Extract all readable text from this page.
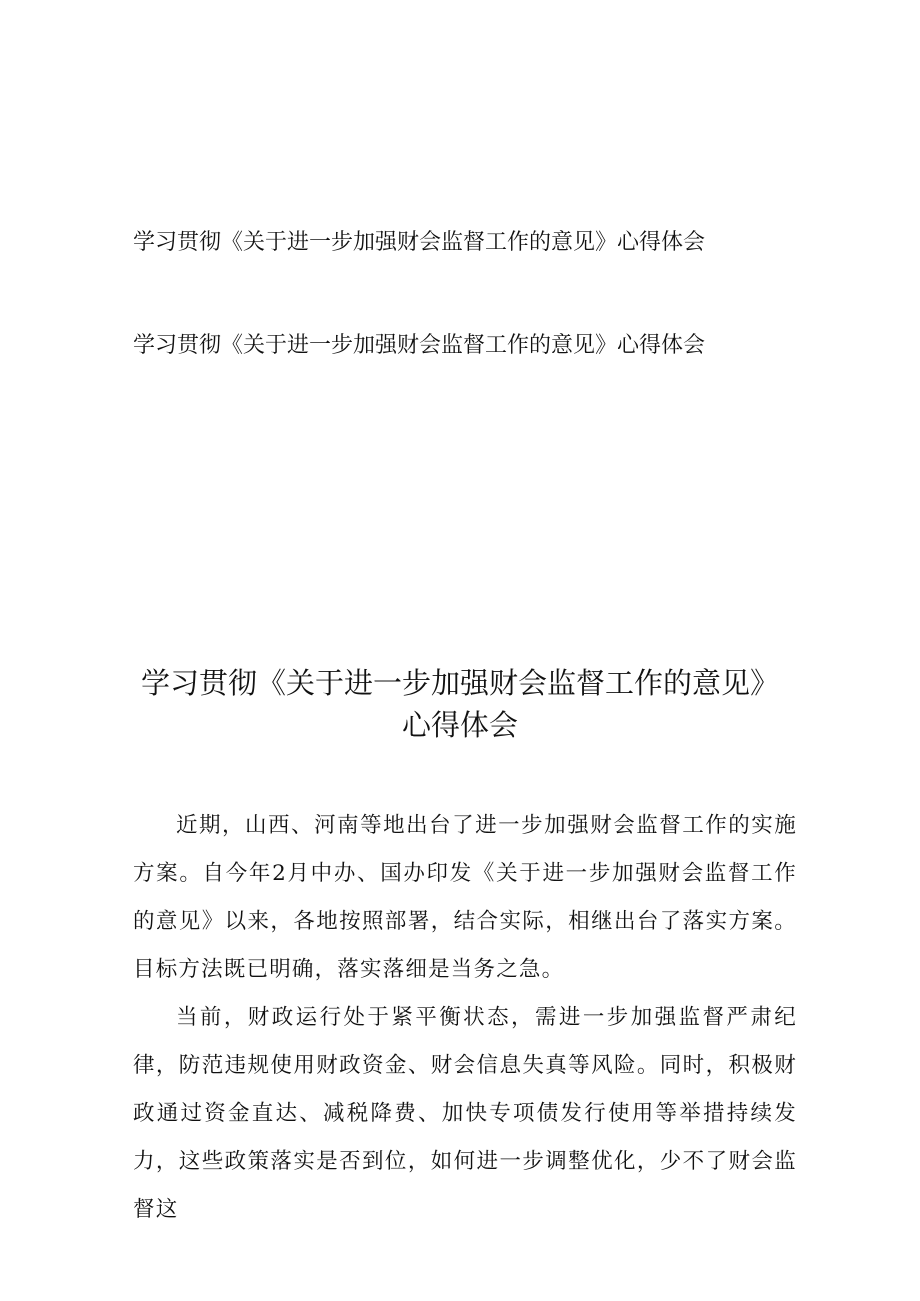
学习贯彻《关于进一步加强财会监督工作的意见》心得体会
学习贯彻《关于进一步加强财会监督工作的意见》心得体会
学习贯彻《关于进一步加强财会监督工作的意见》
心得体会

近期，山西、河南等地出台了进一步加强财会监督工作的实施方案。自今年2月中办、国办印发《关于进一步加强财会监督工作的意见》以来，各地按照部署，结合实际，相继出台了落实方案。目标方法既已明确，落实落细是当务之急。

当前，财政运行处于紧平衡状态，需进一步加强监督严肃纪律，防范违规使用财政资金、财会信息失真等风险。同时，积极财政通过资金直达、减税降费、加快专项债发行使用等举措持续发力，这些政策落实是否到位，如何进一步调整优化，少不了财会监督这
